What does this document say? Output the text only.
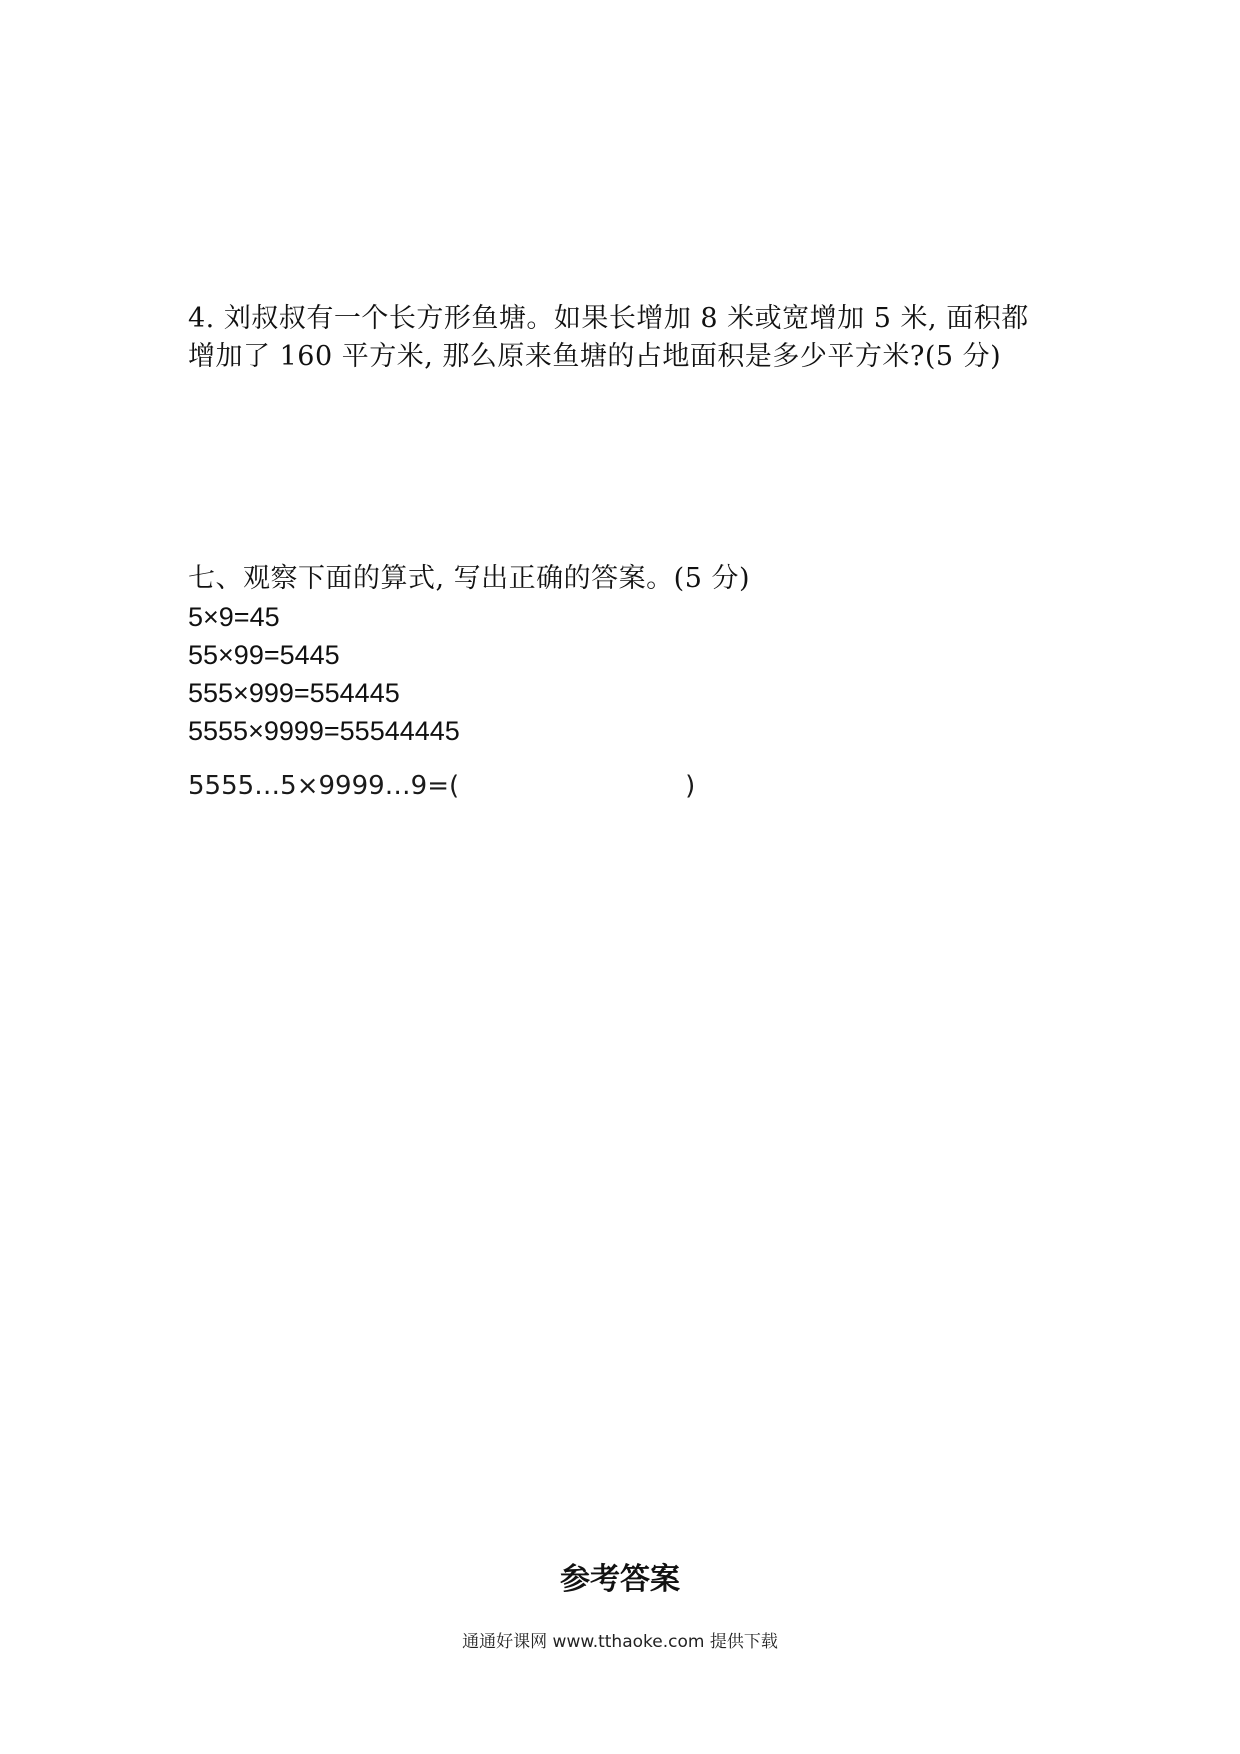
4. 刘叔叔有一个长方形鱼塘。如果长增加 8 米或宽增加 5 米, 面积都

增加了 160 平方米, 那么原来鱼塘的占地面积是多少平方米?(5 分)

七、观察下面的算式, 写出正确的答案。(5 分)

5×9=45

55×99=5445

555×999=554445

5555×9999=55544445

5555…5×9999…9=(	)
参考答案
通通好课网 www.tthaoke.com 提供下载
